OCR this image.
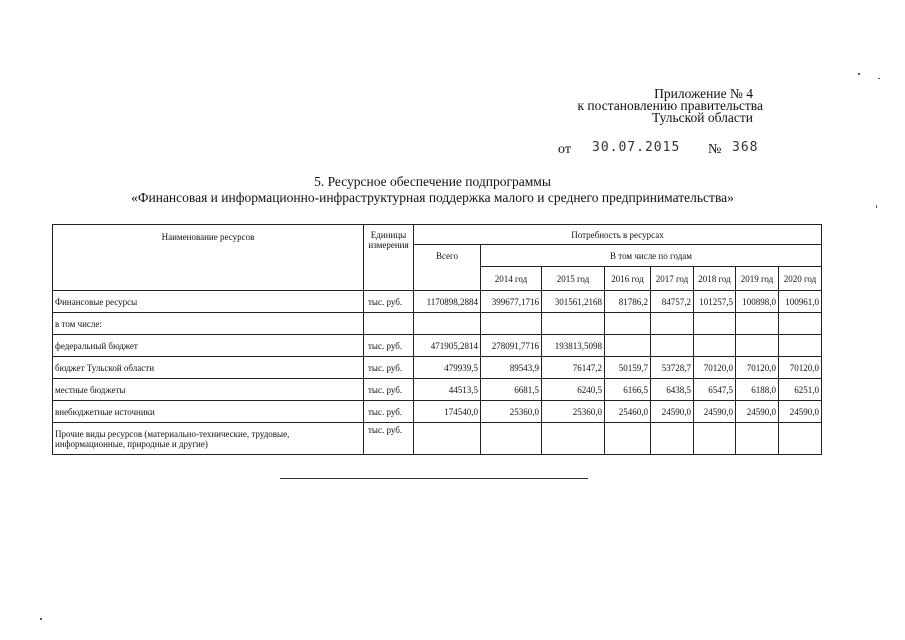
Приложение № 4
к постановлению правительства
Тульской области
от 30.07.2015 № 368
5. Ресурсное обеспечение подпрограммы
«Финансовая и информационно-инфраструктурная поддержка малого и среднего предпринимательства»
Наименование ресурсов	Единицы измерения	Потребность в ресурсах							
		Всего	В том числе по годам						
			2014 год	2015 год	2016 год	2017 год	2018 год	2019 год	2020 год
Финансовые ресурсы	тыс. руб.	1170898,2884	399677,1716	301561,2168	81786,2	84757,2	101257,5	100898,0	100961,0
в том числе:									
федеральный бюджет	тыс. руб.	471905,2814	278091,7716	193813,5098					
бюджет Тульской области	тыс. руб.	479939,5	89543,9	76147,2	50159,7	53728,7	70120,0	70120,0	70120,0
местные бюджеты	тыс. руб.	44513,5	6681,5	6240,5	6166,5	6438,5	6547,5	6188,0	6251,0
внебюджетные источники	тыс. руб.	174540,0	25360,0	25360,0	25460,0	24590,0	24590,0	24590,0	24590,0
Прочие виды ресурсов (материально-технические, трудовые, информационные, природные и другие)	тыс. руб.								
